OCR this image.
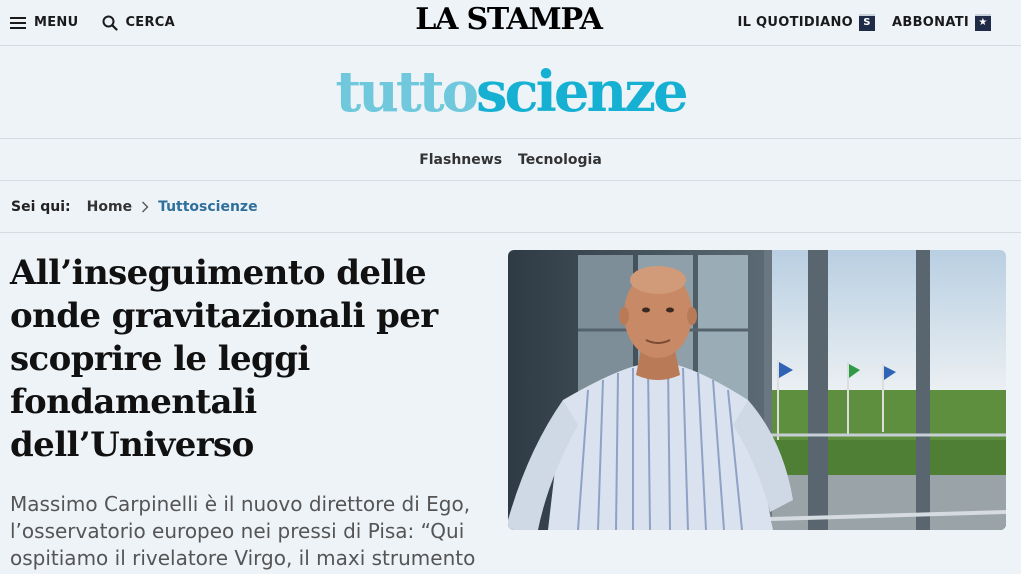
MENU	CERCA	LA STAMPA	IL QUOTIDIANO	S	ABBONATI ★
tuttoscienze
Flashnews Tecnologia
Sei qui: Home Tuttoscienze
All’inseguimento delle onde gravitazionali per scoprire le leggi fondamentali dell’Universo

Massimo Carpinelli è il nuovo direttore di Ego, l’osservatorio europeo nei pressi di Pisa: “Qui ospitiamo il rivelatore Virgo, il maxi strumento
